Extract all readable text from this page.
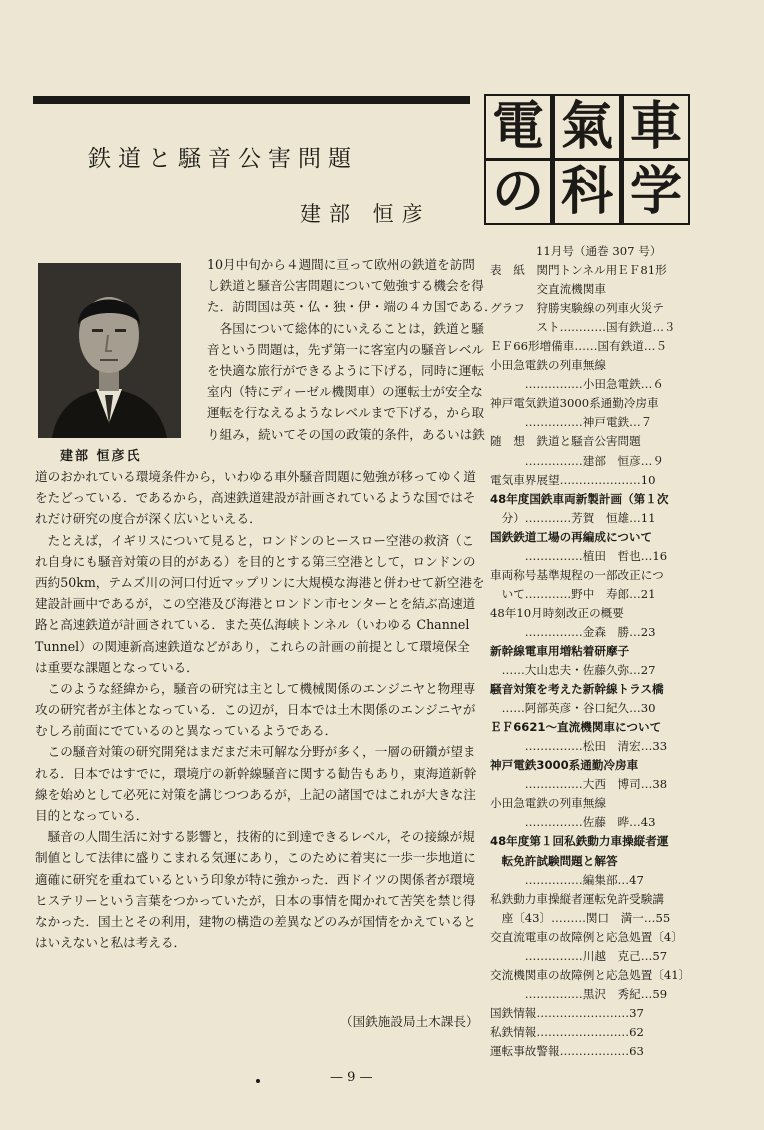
鉄道と騒音公害問題
建部 恒彦
建部 恒彦氏
10月中旬から４週間に亘って欧州の鉄道を訪問
し鉄道と騒音公害問題について勉強する機会を得
た．訪問国は英・仏・独・伊・端の４カ国である．
　各国について総体的にいえることは，鉄道と騒
音という問題は，先ず第一に客室内の騒音レベル
を快適な旅行ができるように下げる，同時に運転
室内（特にディーゼル機関車）の運転士が安全な
運転を行なえるようなレベルまで下げる，から取
り組み，続いてその国の政策的条件，あるいは鉄
道のおかれている環境条件から，いわゆる車外騒音問題に勉強が移ってゆく道
をたどっている．であるから，高速鉄道建設が計画されているような国ではそ
れだけ研究の度合が深く広いといえる．
　たとえば，イギリスについて見ると，ロンドンのヒースロー空港の救済（こ
れ自身にも騒音対策の目的がある）を目的とする第三空港として，ロンドンの
西約50km，テムズ川の河口付近マップリンに大規模な海港と併わせて新空港を
建設計画中であるが，この空港及び海港とロンドン市センターとを結ぶ高速道
路と高速鉄道が計画されている．また英仏海峡トンネル（いわゆる Channel
Tunnel）の関連新高速鉄道などがあり，これらの計画の前提として環境保全
は重要な課題となっている．
　このような経緯から，騒音の研究は主として機械関係のエンジニヤと物理専
攻の研究者が主体となっている．この辺が，日本では土木関係のエンジニヤが
むしろ前面にでているのと異なっているようである．
　この騒音対策の研究開発はまだまだ未可解な分野が多く，一層の研鑽が望ま
れる．日本ではすでに，環境庁の新幹線騒音に関する勧告もあり，東海道新幹
線を始めとして必死に対策を講じつつあるが，上記の諸国ではこれが大きな注
目的となっている．
　騒音の人間生活に対する影響と，技術的に到達できるレベル，その接線が規
制値として法律に盛りこまれる気運にあり，このために着実に一歩一歩地道に
適確に研究を重ねているという印象が特に強かった．西ドイツの関係者が環境
ヒステリーという言葉をつかっていたが，日本の事情を聞かれて苦笑を禁じ得
なかった．国土とその利用，建物の構造の差異などのみが国情をかえていると
はいえないと私は考える．
（国鉄施設局土木課長）
— 9 —
電 氣 車
の 科 学
11月号（通巻 307 号）
表　紙　関門トンネル用ＥＦ81形
　　　　交直流機関車
グラフ　狩勝実験線の列車火災テ
　　　　スト…………国有鉄道…３
ＥＦ66形増備車……国有鉄道…５
小田急電鉄の列車無線
　　　……………小田急電鉄…６
神戸電気鉄道3000系通勤冷房車
　　　……………神戸電鉄…７
随　想　鉄道と騒音公害問題
　　　……………建部　恒彦…９
電気車界展望…………………10
48年度国鉄車両新製計画（第１次
　分）…………芳賀　恒雄…11
国鉄鉄道工場の再編成について
　　　……………植田　哲也…16
車両称号基準規程の一部改正につ
　いて…………野中　寿郎…21
48年10月時刻改正の概要
　　　……………金森　勝…23
新幹線電車用増粘着研摩子
　……大山忠夫・佐藤久弥…27
騒音対策を考えた新幹線トラス橋
　……阿部英彦・谷口紀久…30
ＥＦ6621～直流機関車について
　　　……………松田　清宏…33
神戸電鉄3000系通勤冷房車
　　　……………大西　博司…38
小田急電鉄の列車無線
　　　……………佐藤　晔…43
48年度第１回私鉄動力車操縦者運
　転免許試験問題と解答
　　　……………編集部…47
私鉄動力車操縦者運転免許受験講
　座〔43〕………関口　満一…55
交直流電車の故障例と応急処置〔4〕
　　　……………川越　克己…57
交流機関車の故障例と応急処置〔41〕
　　　……………黒沢　秀紀…59
国鉄情報……………………37
私鉄情報……………………62
運転事故警報………………63
